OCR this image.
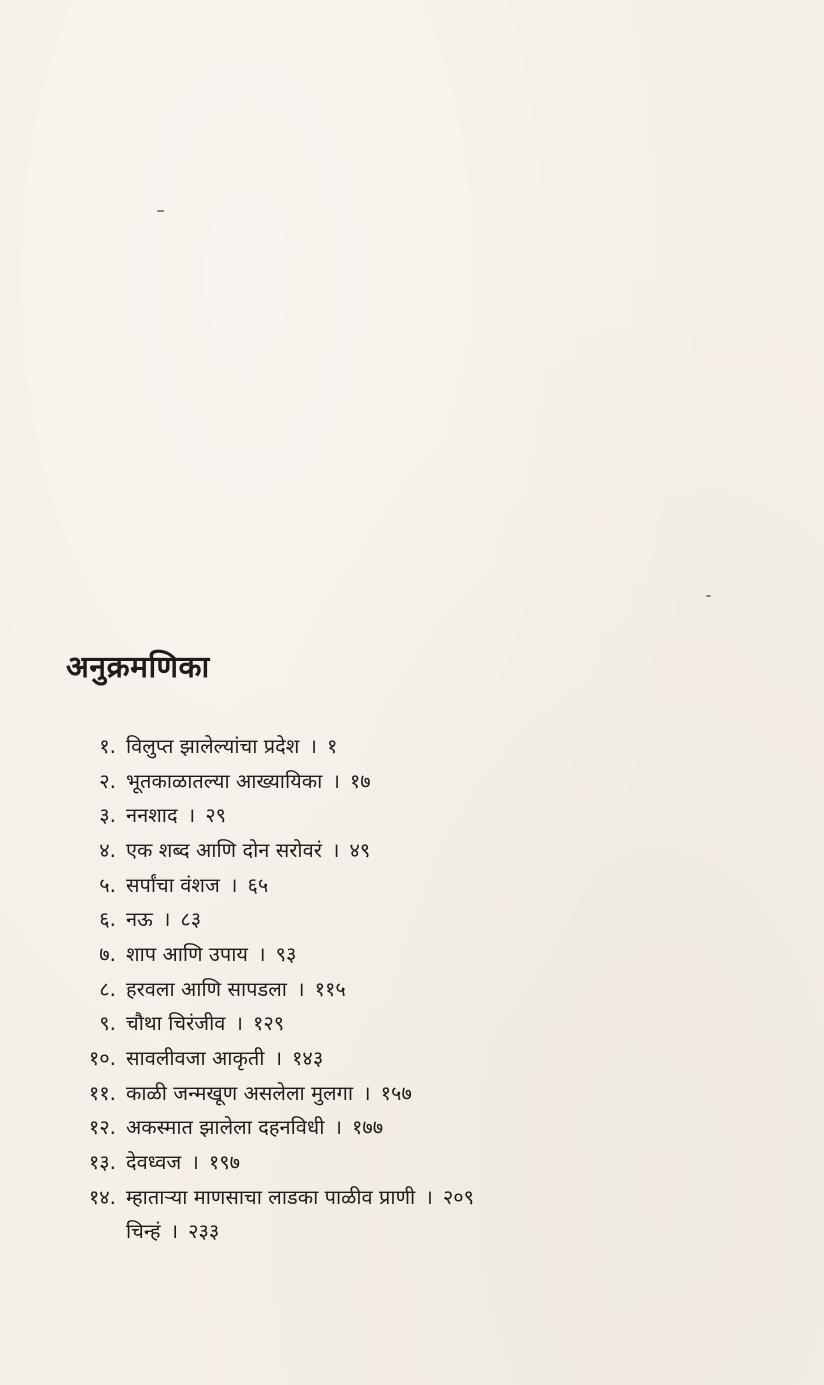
अनुक्रमणिका
१. विलुप्त झालेल्यांचा प्रदेश । १
२. भूतकाळातल्या आख्यायिका । १७
३. ननशाद । २९
४. एक शब्द आणि दोन सरोवरं । ४९
५. सर्पांचा वंशज । ६५
६. नऊ । ८३
७. शाप आणि उपाय । ९३
८. हरवला आणि सापडला । ११५
९. चौथा चिरंजीव । १२९
१०. सावलीवजा आकृती । १४३
११. काळी जन्मखूण असलेला मुलगा । १५७
१२. अकस्मात झालेला दहनविधी । १७७
१३. देवध्वज । १९७
१४. म्हाताऱ्या माणसाचा लाडका पाळीव प्राणी । २०९
चिन्हं । २३३
